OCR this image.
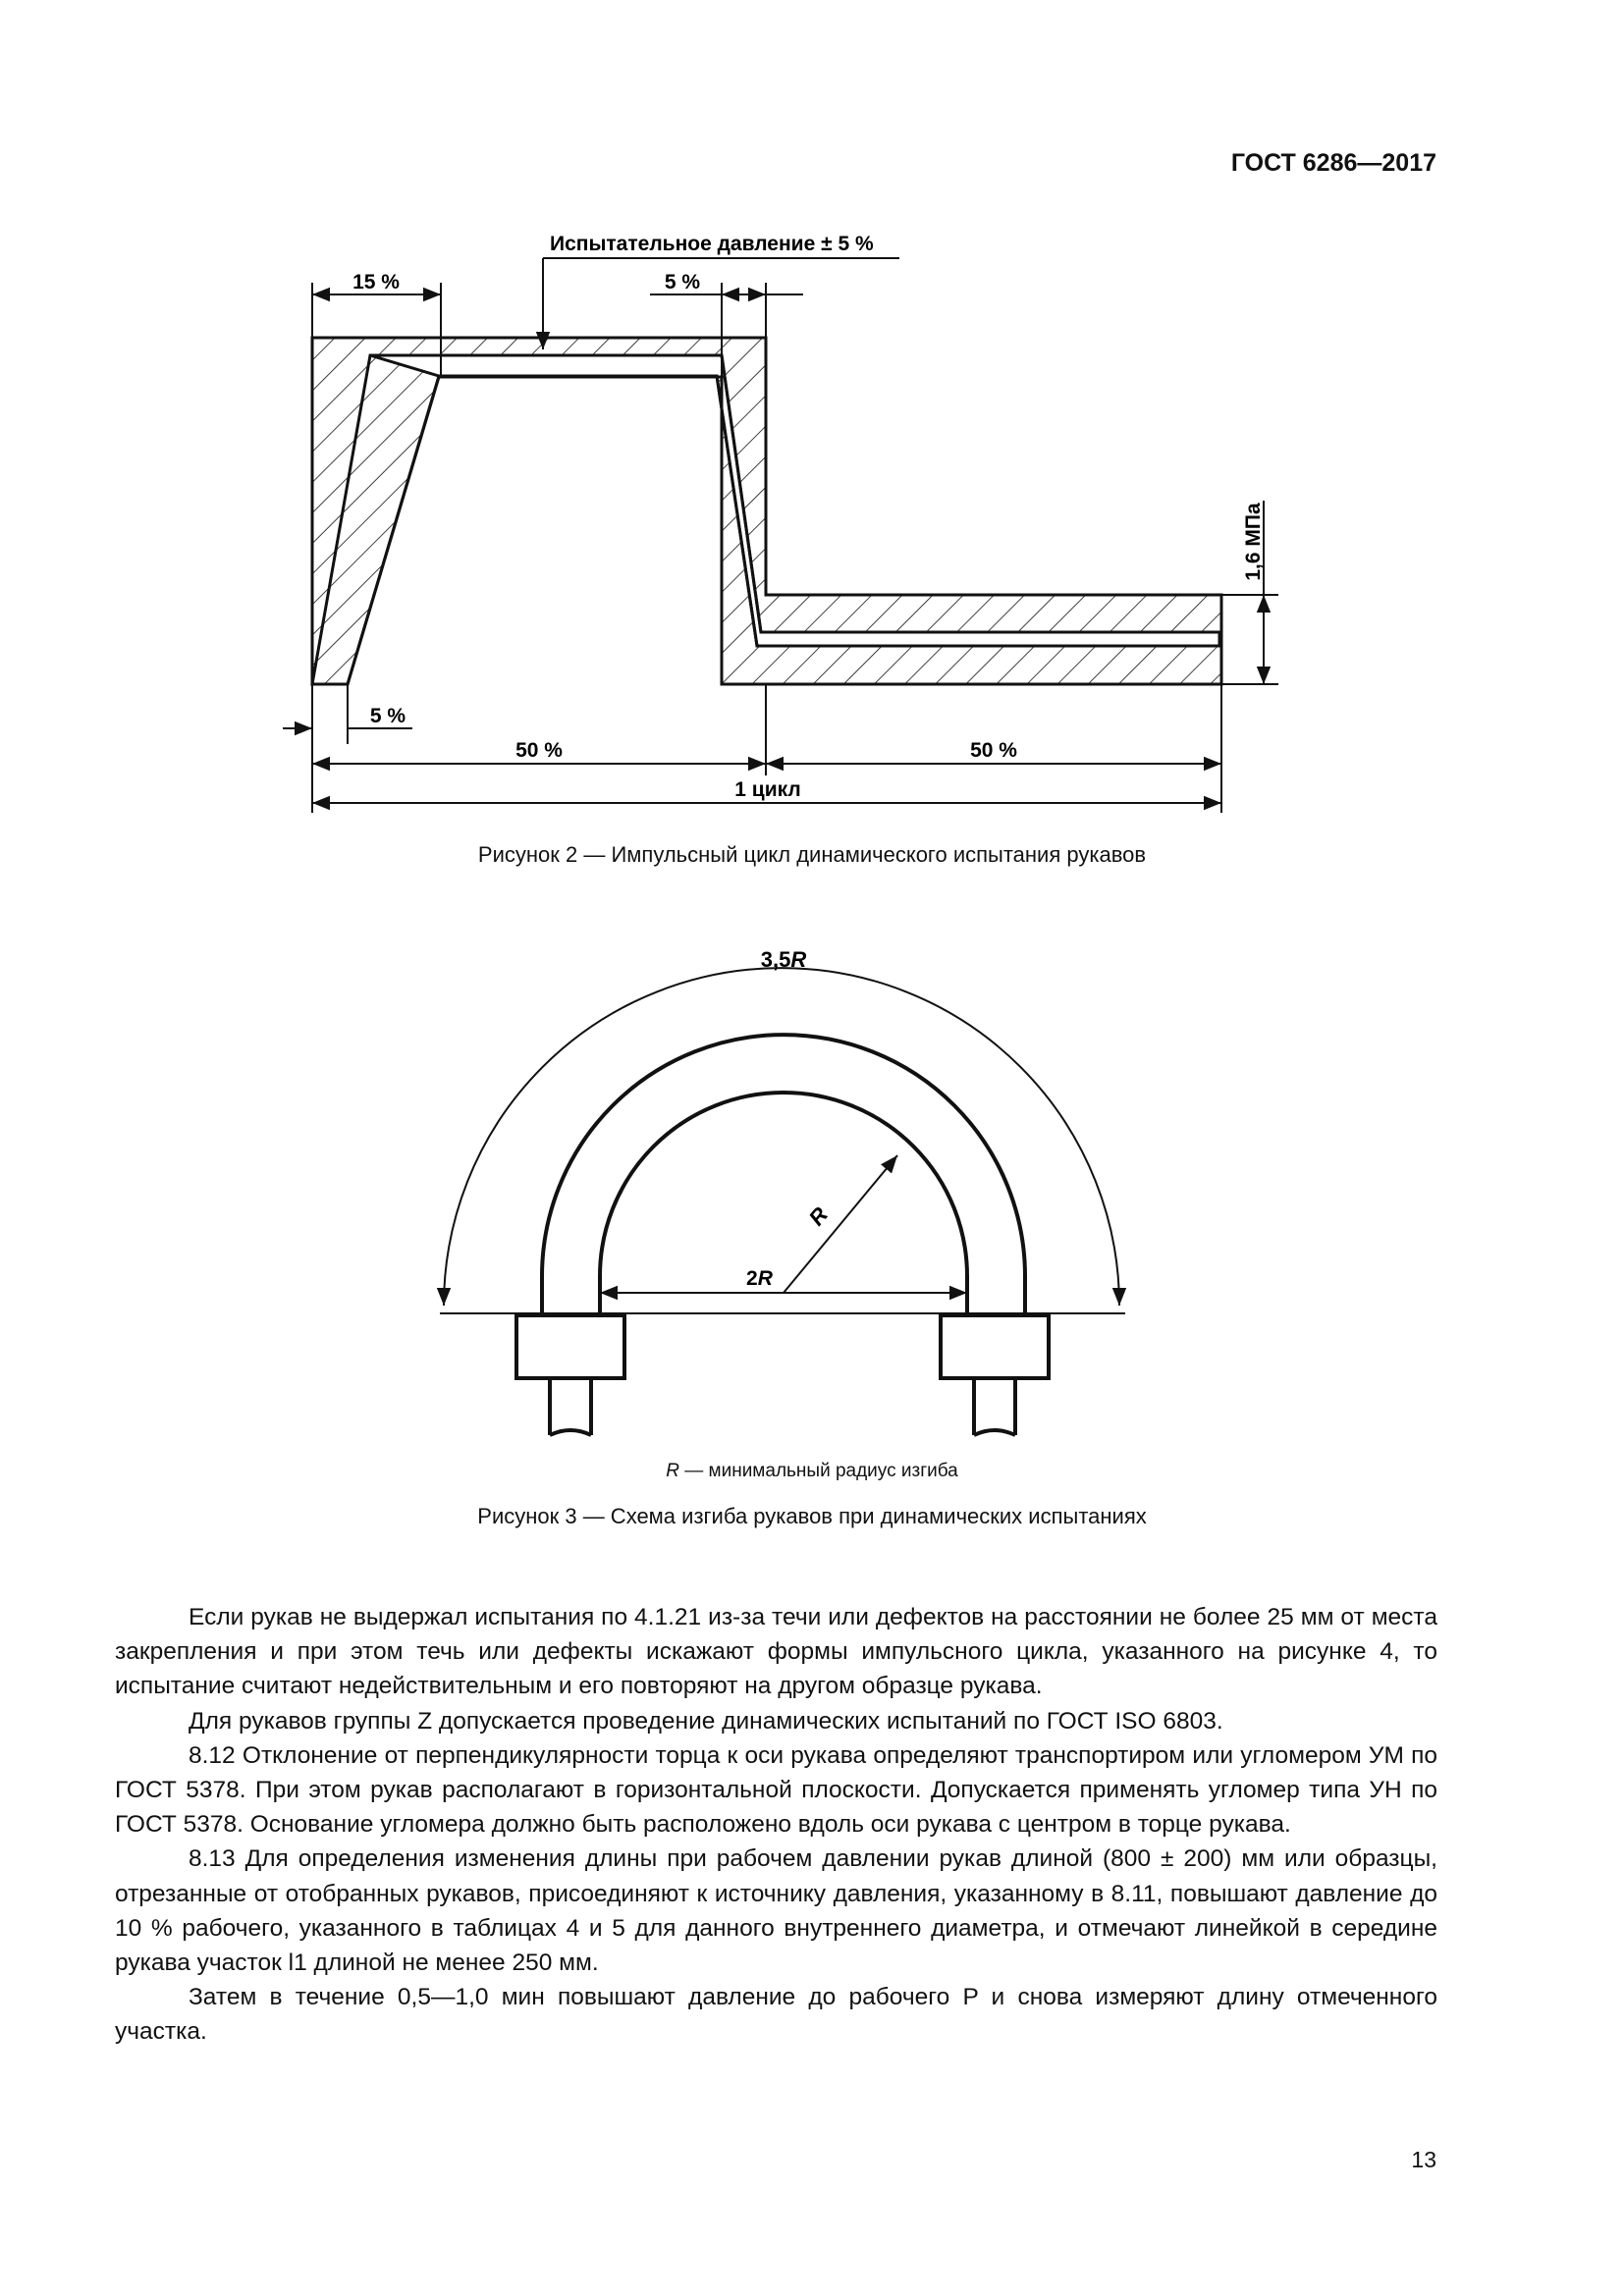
ГОСТ 6286—2017
15 %	5 %
Испытательное давление ± 5 %
1,6 МПа
5 %
50 %	50 %
1 цикл
Рисунок 2 — Импульсный цикл динамического испытания рукавов
3,5R
2R
R
R — минимальный радиус изгиба
Рисунок 3 — Схема изгиба рукавов при динамических испытаниях

Если рукав не выдержал испытания по 4.1.21 из-за течи или дефектов на расстоянии не более 25 мм от места закрепления и при этом течь или дефекты искажают формы импульсного цикла, указанного на рисунке 4, то испытание считают недействительным и его повторяют на другом образце рукава.

Для рукавов группы Z допускается проведение динамических испытаний по ГОСТ ISO 6803.

8.12 Отклонение от перпендикулярности торца к оси рукава определяют транспортиром или угломером УМ по ГОСТ 5378. При этом рукав располагают в горизонтальной плоскости. Допускается применять угломер типа УН по ГОСТ 5378. Основание угломера должно быть расположено вдоль оси рукава с центром в торце рукава.

8.13 Для определения изменения длины при рабочем давлении рукав длиной (800 ± 200) мм или образцы, отрезанные от отобранных рукавов, присоединяют к источнику давления, указанному в 8.11, повышают давление до 10 % рабочего, указанного в таблицах 4 и 5 для данного внутреннего диаметра, и отмечают линейкой в середине рукава участок l1 длиной не менее 250 мм.

Затем в течение 0,5—1,0 мин повышают давление до рабочего P и снова измеряют длину отмеченного участка.

13
